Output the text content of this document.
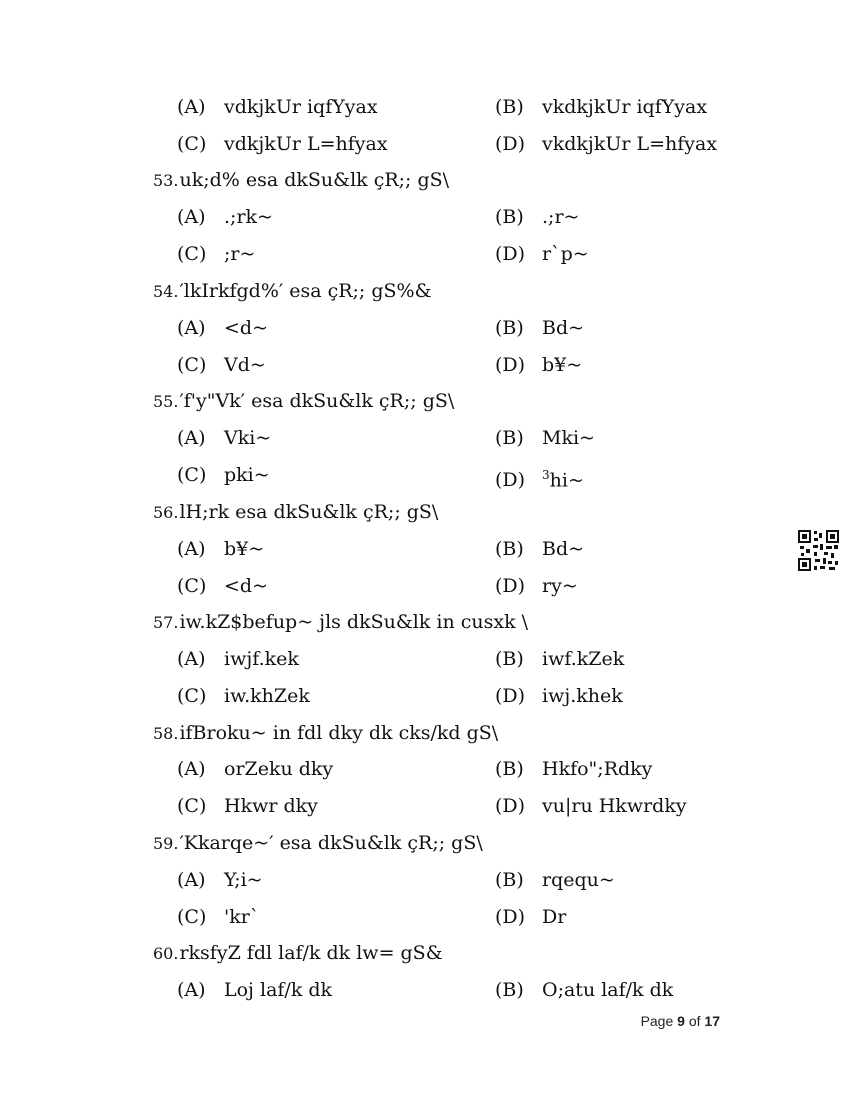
(A) vdkjkUr iqfYyax	(B) vkdkjkUr iqfYyax
(C) vdkjkUr L=hfyax	(D) vkdkjkUr L=hfyax
53.uk;d% esa dkSu&lk çR;; gS\
(A) .;rk~	(B) .;r~
(C) ;r~	(D) r`p~
54.′lkIrkfgd%′ esa çR;; gS%&
(A) <d~	(B) Bd~
(C) Vd~	(D) b¥~
55.′f'y"Vk′ esa dkSu&lk çR;; gS\
(A) Vki~	(B) Mki~
(C) pki~	(D) $^3$hi~
56.lH;rk esa dkSu&lk çR;; gS\
(A) b¥~	(B) Bd~
(C) <d~	(D) ry~
57.iw.kZ$befup~ jls dkSu&lk in cusxk \
(A) iwjf.kek	(B) iwf.kZek
(C) iw.khZek	(D) iwj.khek
58.ifBroku~ in fdl dky dk cks/kd gS\
(A) orZeku dky	(B) Hkfo";Rdky
(C) Hkwr dky	(D) vu|ru Hkwrdky
59.′Kkarqe~′ esa dkSu&lk çR;; gS\
(A) Y;i~	(B) rqequ~
(C) 'kr`	(D) Dr
60.rksfyZ fdl laf/k dk lw= gS&
(A) Loj laf/k dk	(B) O;atu laf/k dk
Page 9 of 17
